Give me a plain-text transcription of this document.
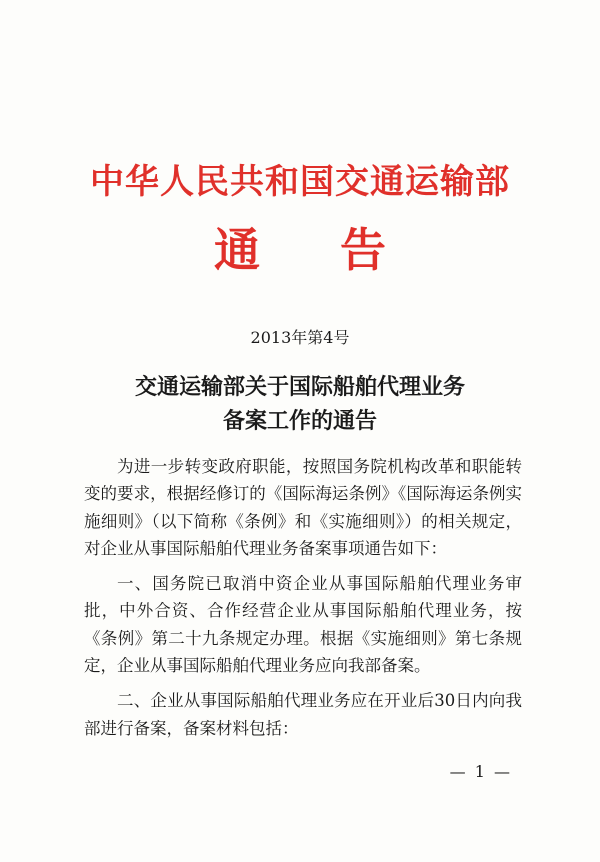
中华人民共和国交通运输部
通告
2013年第4号
交通运输部关于国际船舶代理业务
备案工作的通告

为进一步转变政府职能，按照国务院机构改革和职能转变的要求，根据经修订的《国际海运条例》《国际海运条例实施细则》（以下简称《条例》和《实施细则》）的相关规定，对企业从事国际船舶代理业务备案事项通告如下：

一、国务院已取消中资企业从事国际船舶代理业务审批，中外合资、合作经营企业从事国际船舶代理业务，按《条例》第二十九条规定办理。根据《实施细则》第七条规定，企业从事国际船舶代理业务应向我部备案。

二、企业从事国际船舶代理业务应在开业后30日内向我部进行备案，备案材料包括：

— 1 —
